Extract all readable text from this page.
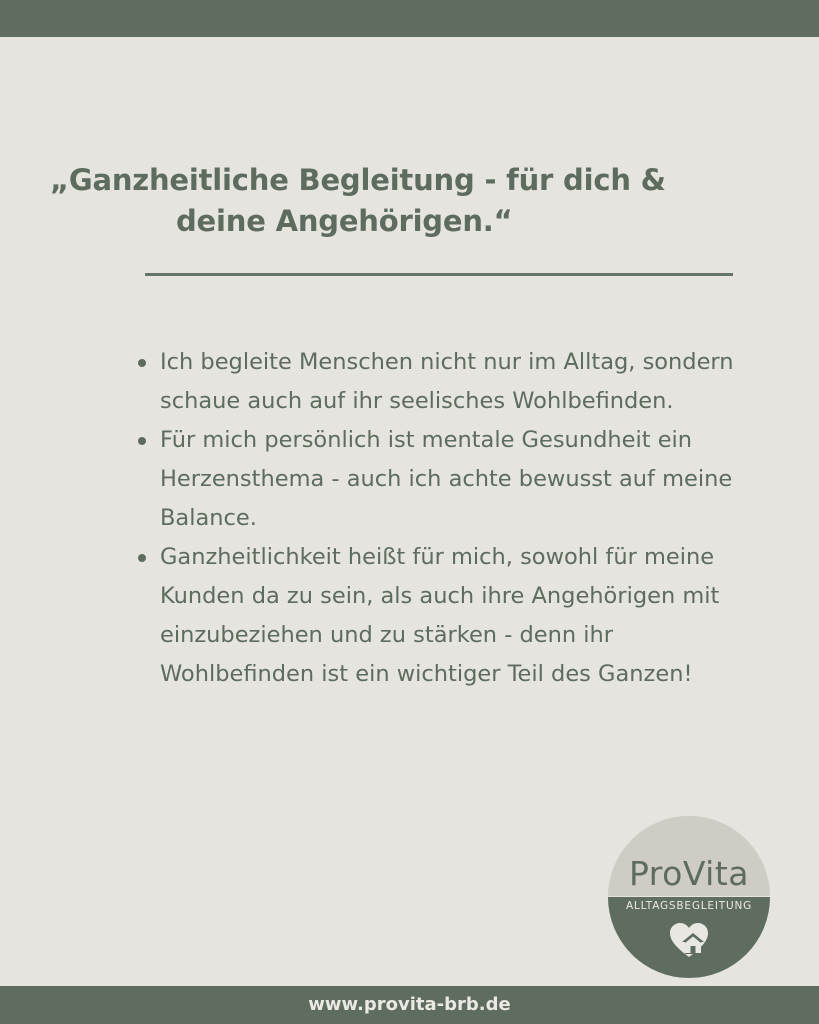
„Ganzheitliche Begleitung - für dich &
deine Angehörigen.“
Ich begleite Menschen nicht nur im Alltag, sondern schaue auch auf ihr seelisches Wohlbefinden.
Für mich persönlich ist mentale Gesundheit ein Herzensthema - auch ich achte bewusst auf meine Balance.
Ganzheitlichkeit heißt für mich, sowohl für meine Kunden da zu sein, als auch ihre Angehörigen mit einzubeziehen und zu stärken - denn ihr Wohlbefinden ist ein wichtiger Teil des Ganzen!
ProVita
ALLTAGSBEGLEITUNG
www.provita-brb.de
